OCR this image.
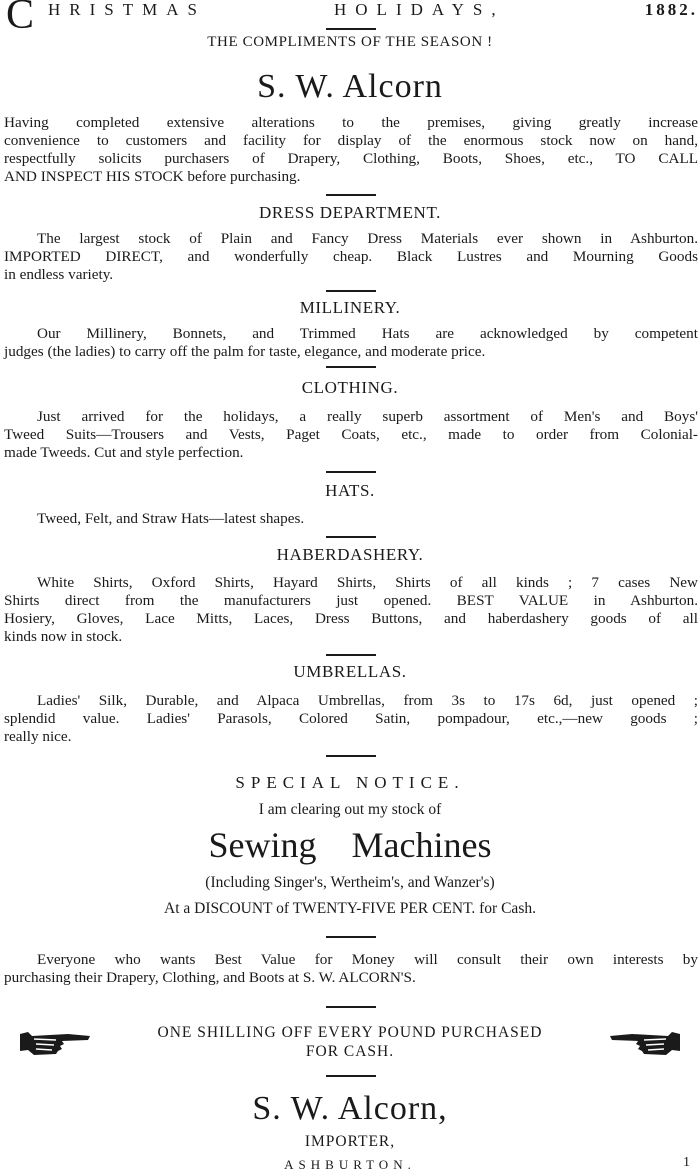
C HRISTMAS	HOLIDAYS,	1882.
THE COMPLIMENTS OF THE SEASON !
S. W. Alcorn
Having completed extensive alterations to the premises, giving greatly increase
convenience to customers and facility for display of the enormous stock now on hand,
respectfully solicits purchasers of Drapery, Clothing, Boots, Shoes, etc., TO CALL
AND INSPECT HIS STOCK before purchasing.
DRESS DEPARTMENT.
The largest stock of Plain and Fancy Dress Materials ever shown in Ashburton.
IMPORTED DIRECT, and wonderfully cheap. Black Lustres and Mourning Goods
in endless variety.
MILLINERY.
Our Millinery, Bonnets, and Trimmed Hats are acknowledged by competent
judges (the ladies) to carry off the palm for taste, elegance, and moderate price.
CLOTHING.
Just arrived for the holidays, a really superb assortment of Men's and Boys'
Tweed Suits—Trousers and Vests, Paget Coats, etc., made to order from Colonial-
made Tweeds. Cut and style perfection.
HATS.
Tweed, Felt, and Straw Hats—latest shapes.
HABERDASHERY.
White Shirts, Oxford Shirts, Hayard Shirts, Shirts of all kinds ; 7 cases New
Shirts direct from the manufacturers just opened. BEST VALUE in Ashburton.
Hosiery, Gloves, Lace Mitts, Laces, Dress Buttons, and haberdashery goods of all
kinds now in stock.
UMBRELLAS.
Ladies' Silk, Durable, and Alpaca Umbrellas, from 3s to 17s 6d, just opened ;
splendid value. Ladies' Parasols, Colored Satin, pompadour, etc.,—new goods ;
really nice.
SPECIAL NOTICE.
I am clearing out my stock of
Sewing Machines
(Including Singer's, Wertheim's, and Wanzer's)
At a DISCOUNT of TWENTY-FIVE PER CENT. for Cash.
Everyone who wants Best Value for Money will consult their own interests by
purchasing their Drapery, Clothing, and Boots at S. W. ALCORN'S.
ONE SHILLING OFF EVERY POUND PURCHASED
FOR CASH.
S. W. Alcorn,
IMPORTER,
ASHBURTON.	1
